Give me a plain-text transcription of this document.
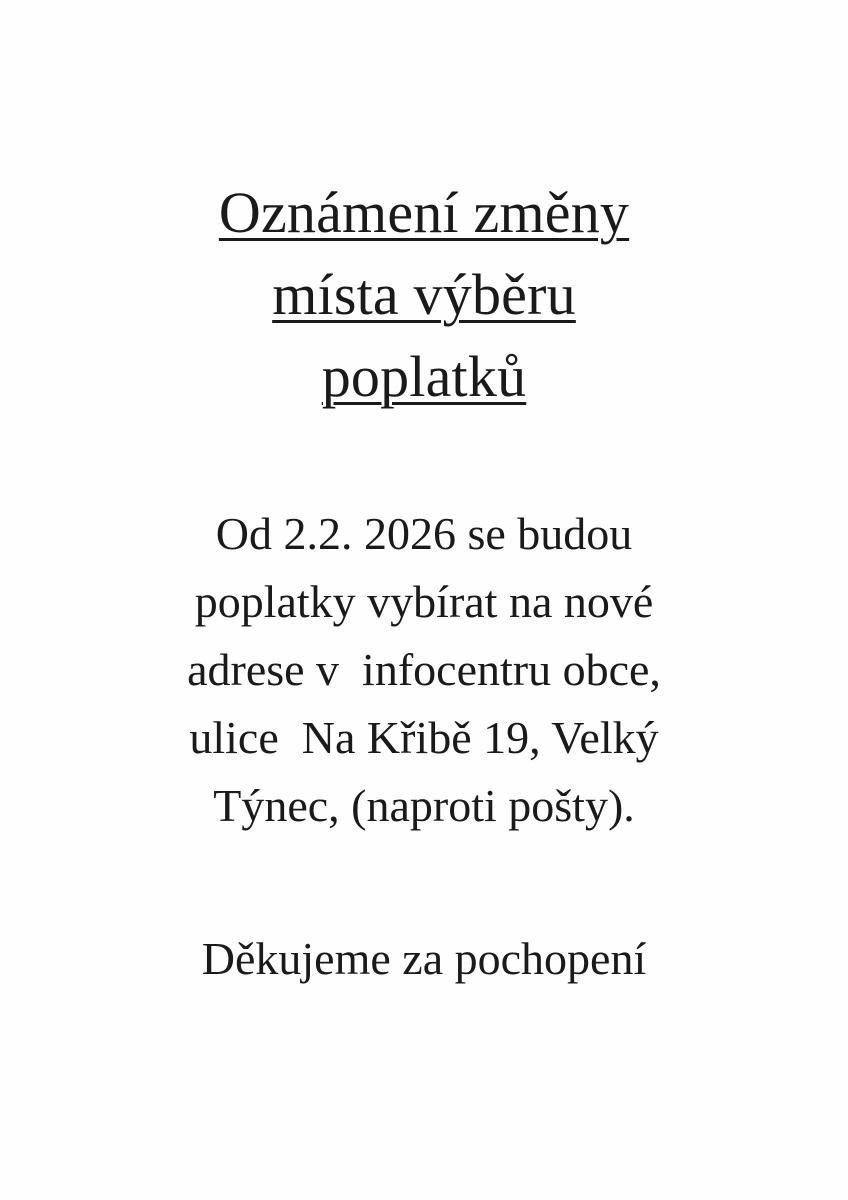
Oznámení změny
místa výběru
poplatků
Od 2.2. 2026 se budou
poplatky vybírat na nové
adrese v  infocentru obce,
ulice  Na Křibě 19, Velký
Týnec, (naproti pošty).
Děkujeme za pochopení
